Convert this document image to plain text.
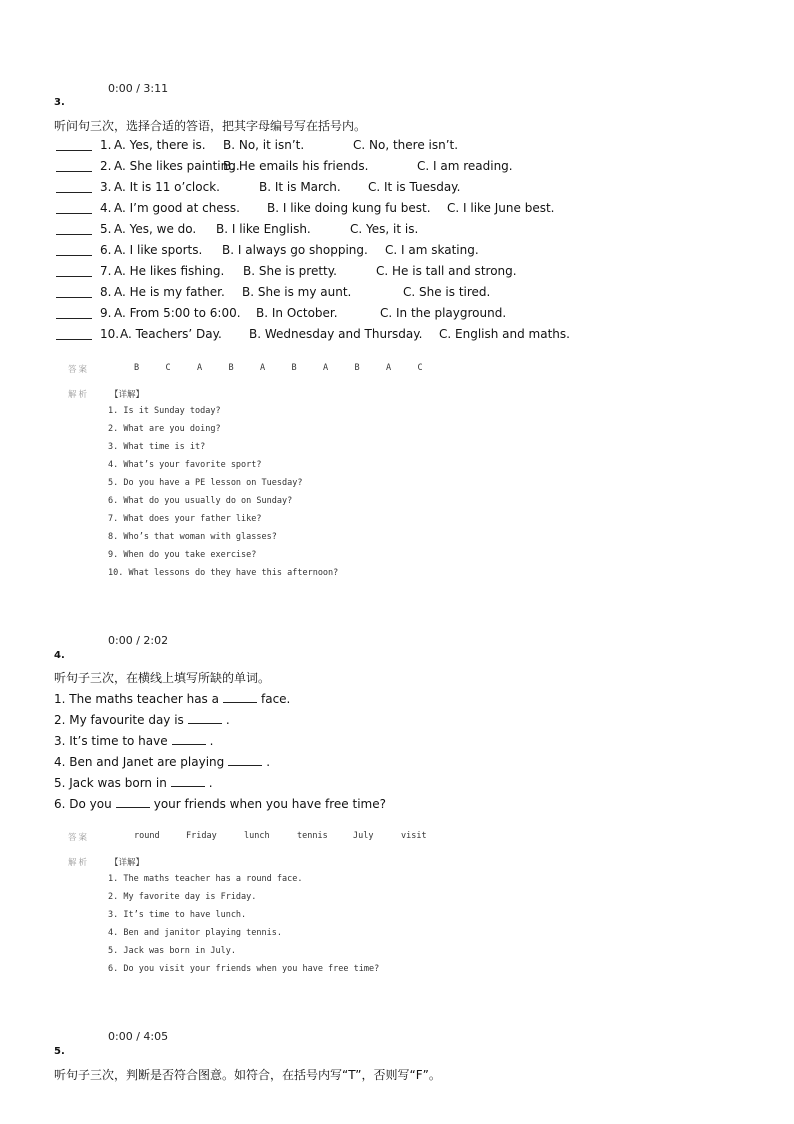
0:00 / 3:11
3.
听问句三次，选择合适的答语，把其字母编号写在括号内。
1. A. Yes, there is. B. No, it isn’t.	C. No, there isn’t.
2. A. She likes painting.
B. He emails his friends.	C. I am reading.
3. A. It is 11 o’clock.	B. It is March. C. It is Tuesday.
4. A. I’m good at chess. B. I like doing kung fu best. C. I like June best.
5. A. Yes, we do. B. I like English.	C. Yes, it is.
6. A. I like sports. B. I always go shopping. C. I am skating.
7. A. He likes fishing. B. She is pretty.	C. He is tall and strong.
8. A. He is my father. B. She is my aunt.	C. She is tired.
9. A. From 5:00 to 6:00. B. In October.	C. In the playground.
10. A. Teachers’ Day. B. Wednesday and Thursday. C. English and maths.
答案	B	C	A	B	A	B	A	B	A	C
解析 【详解】
1. Is it Sunday today?
2. What are you doing?
3. What time is it?
4. What’s your favorite sport?
5. Do you have a PE lesson on Tuesday?
6. What do you usually do on Sunday?
7. What does your father like?
8. Who’s that woman with glasses?
9. When do you take exercise?
10. What lessons do they have this afternoon?
0:00 / 2:02
4.
听句子三次，在横线上填写所缺的单词。
1. The maths teacher has a	face.
2. My favourite day is	.
3. It’s time to have	.
4. Ben and Janet are playing	.
5. Jack was born in	.
6. Do you	your friends when you have free time?
答案	round	Friday	lunch	tennis	July	visit
解析 【详解】
1. The maths teacher has a round face.
2. My favorite day is Friday.
3. It’s time to have lunch.
4. Ben and janitor playing tennis.
5. Jack was born in July.
6. Do you visit your friends when you have free time?
0:00 / 4:05
5.
听句子三次，判断是否符合图意。如符合，在括号内写“T”，否则写“F”。
